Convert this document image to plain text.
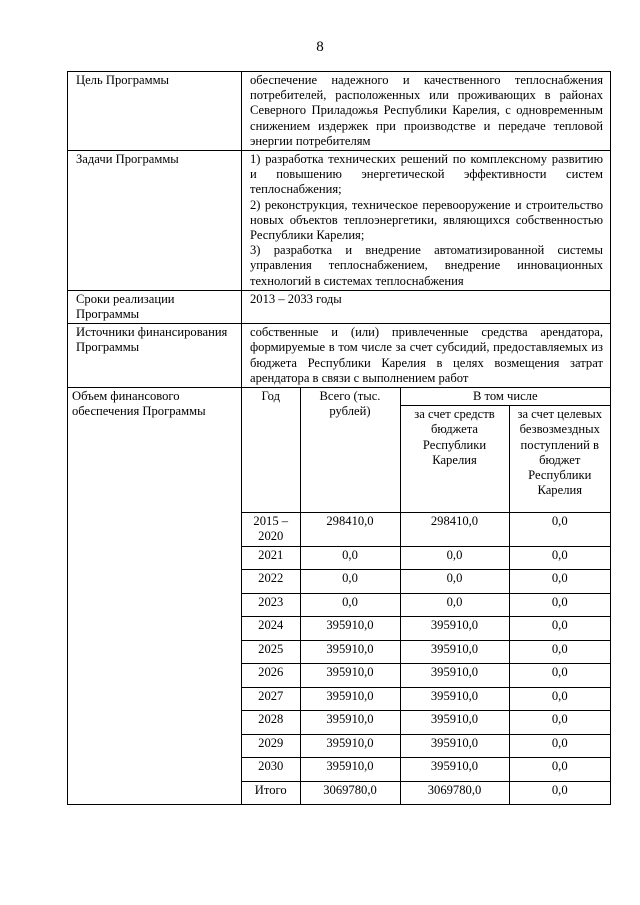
8
Цель Программы	обеспечение надежного и качественного теплоснабжения потребителей, расположенных или проживающих в районах Северного Приладожья Республики Карелия, с одновременным снижением издержек при производстве и передаче тепловой энергии потребителям
Задачи Программы	1) разработка технических решений по комплексному развитию и повышению энергетической эффективности систем теплоснабжения;
2) реконструкция, техническое перевооружение и строительство новых объектов теплоэнергетики, являющихся собственностью Республики Карелия;
3) разработка и внедрение автоматизированной системы управления теплоснабжением, внедрение инновационных технологий в системах теплоснабжения

Сроки реализации Программы	2013 – 2033 годы
Источники финансирования Программы	собственные и (или) привлеченные средства арендатора, формируемые в том числе за счет субсидий, предоставляемых из бюджета Республики Карелия в целях возмещения затрат арендатора в связи с выполнением работ
Объем финансового обеспечения Программы	
Год	Всего (тыс. рублей)	В том числе
за счет средств бюджета Республики Карелия	за счет целевых безвозмездных поступлений в бюджет Республики Карелия
2015 – 2020	298410,0	298410,0	0,0
2021	0,0	0,0	0,0
2022	0,0	0,0	0,0
2023	0,0	0,0	0,0
2024	395910,0	395910,0	0,0
2025	395910,0	395910,0	0,0
2026	395910,0	395910,0	0,0
2027	395910,0	395910,0	0,0
2028	395910,0	395910,0	0,0
2029	395910,0	395910,0	0,0
2030	395910,0	395910,0	0,0
Итого	3069780,0	3069780,0	0,0
